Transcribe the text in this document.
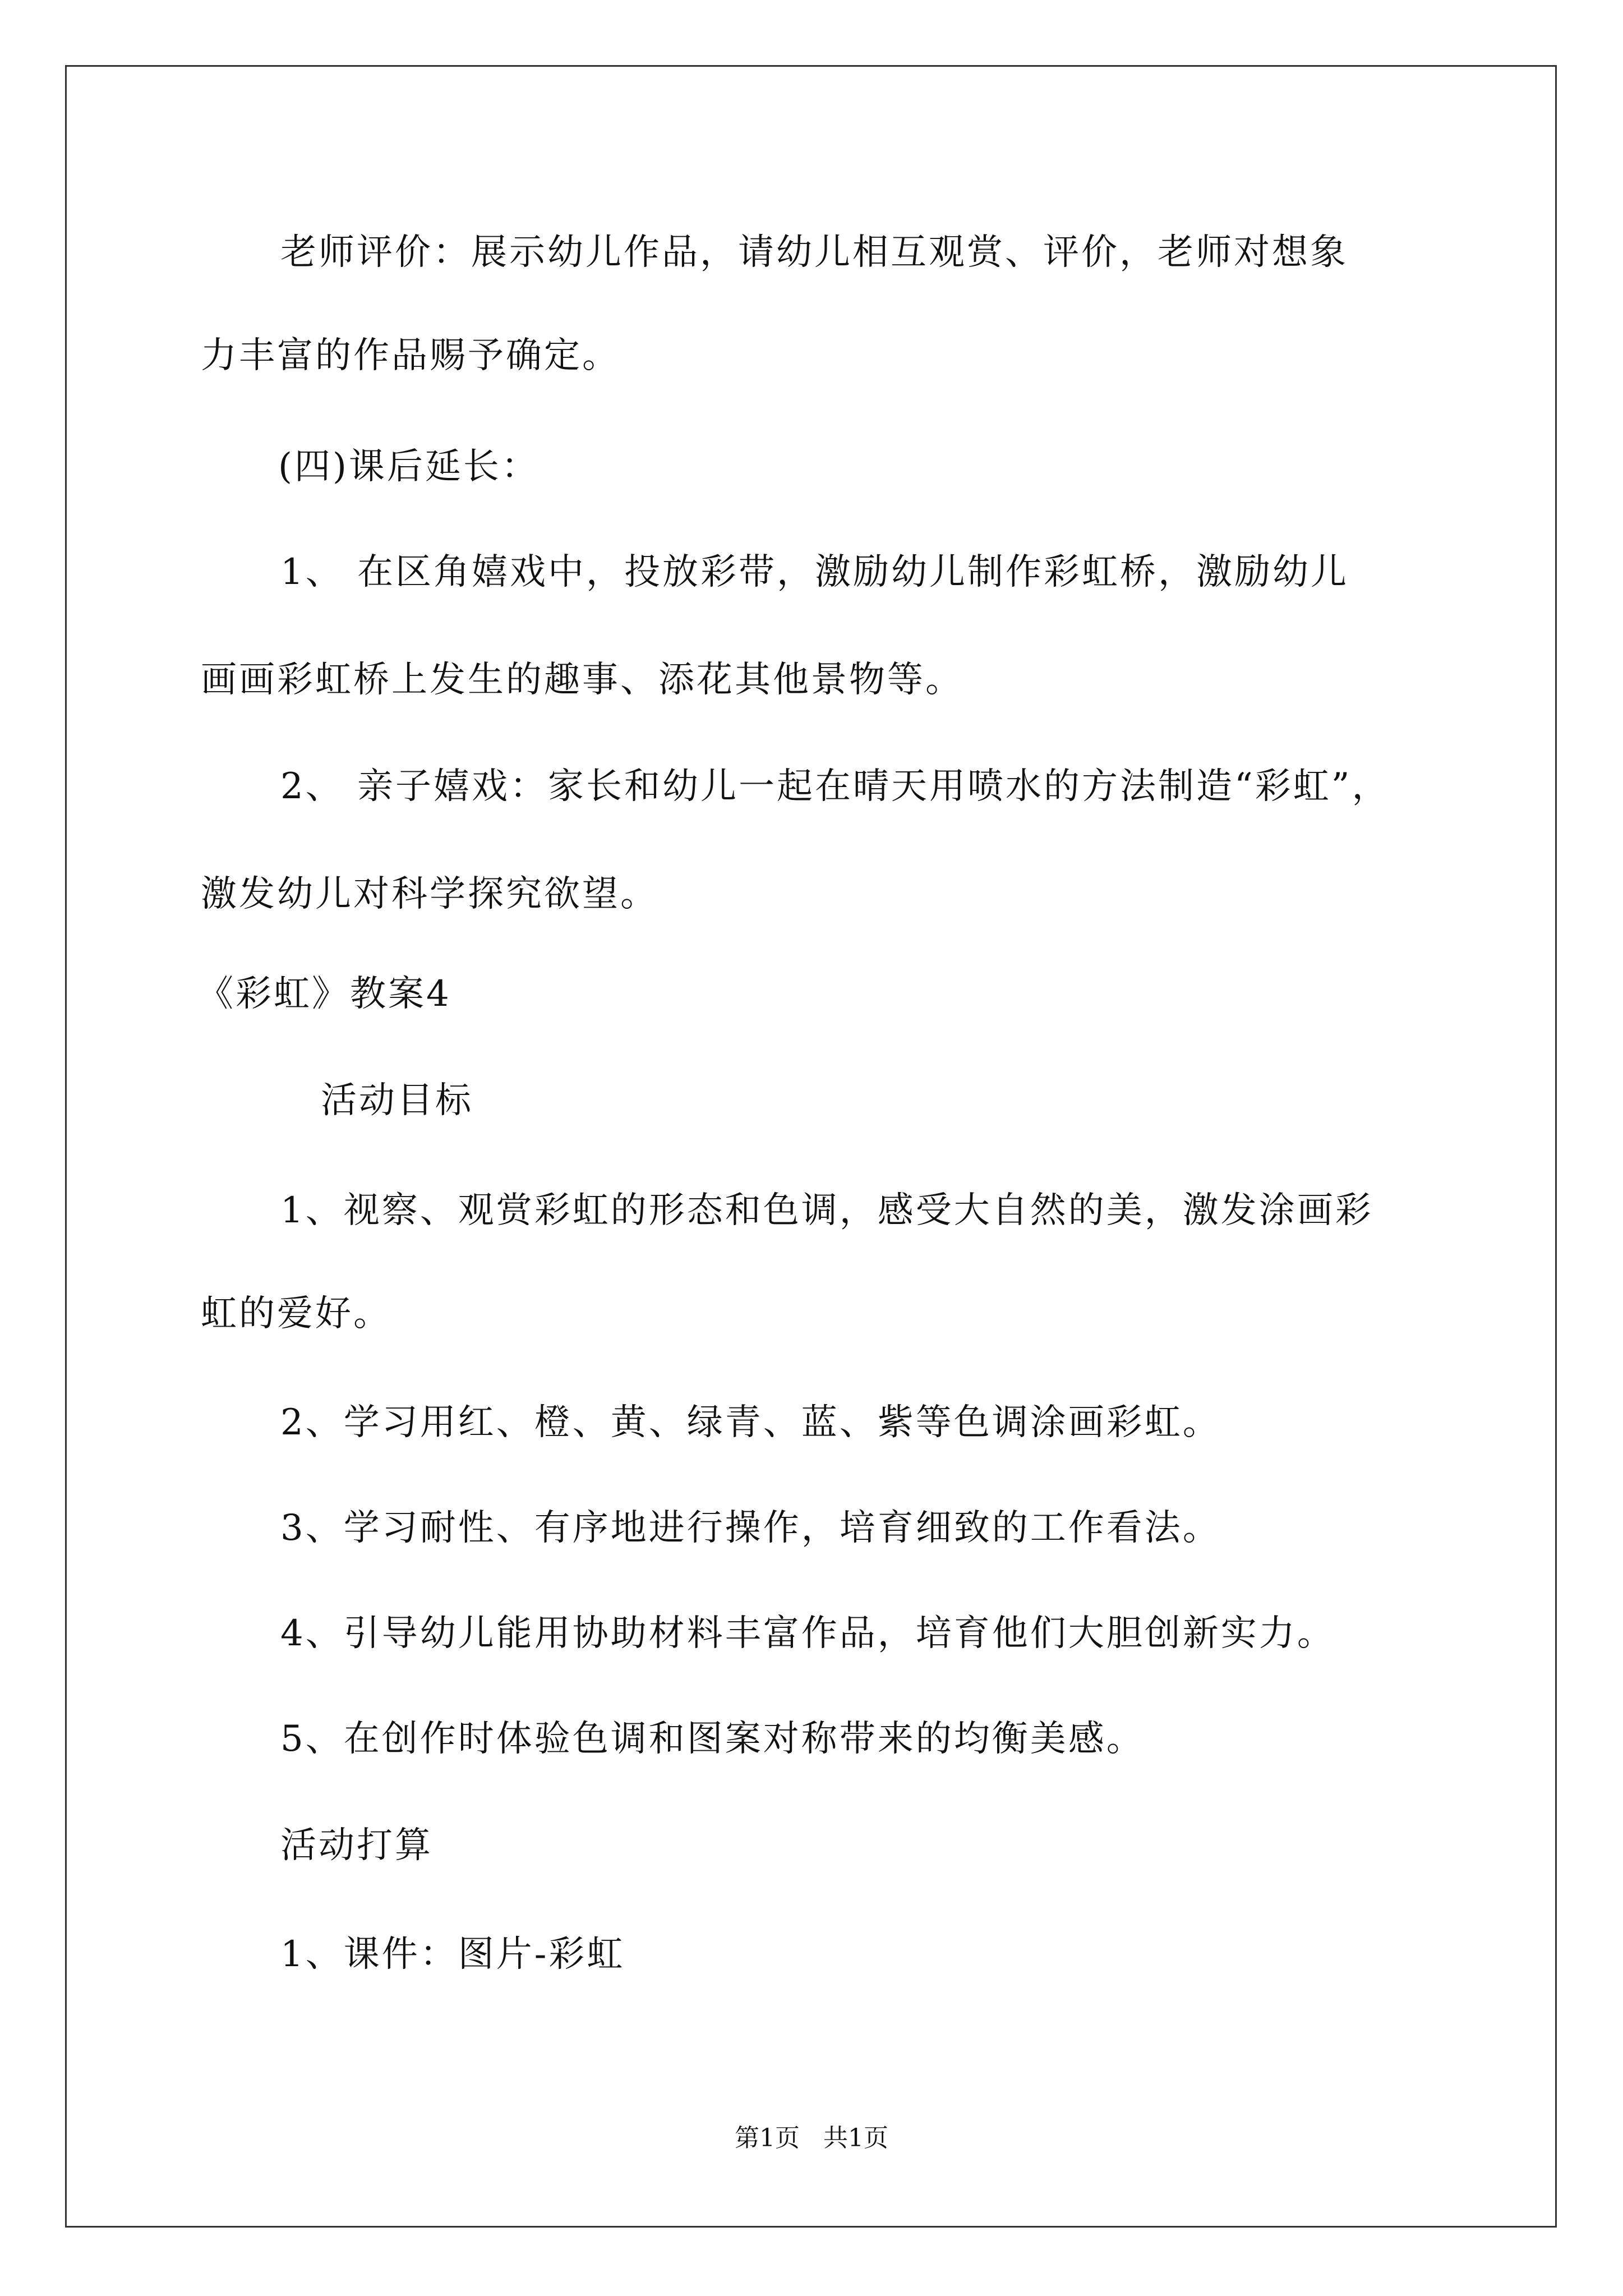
老师评价：展示幼儿作品，请幼儿相互观赏、评价，老师对想象
力丰富的作品赐予确定。
(四)课后延长：
1、 在区角嬉戏中，投放彩带，激励幼儿制作彩虹桥，激励幼儿
画画彩虹桥上发生的趣事、添花其他景物等。
2、 亲子嬉戏：家长和幼儿一起在晴天用喷水的方法制造“彩虹”，
激发幼儿对科学探究欲望。
《彩虹》教案4
活动目标
1、视察、观赏彩虹的形态和色调，感受大自然的美，激发涂画彩
虹的爱好。
2、学习用红、橙、黄、绿青、蓝、紫等色调涂画彩虹。
3、学习耐性、有序地进行操作，培育细致的工作看法。
4、引导幼儿能用协助材料丰富作品，培育他们大胆创新实力。
5、在创作时体验色调和图案对称带来的均衡美感。
活动打算
1、课件：图片-彩虹
第1页 共1页
